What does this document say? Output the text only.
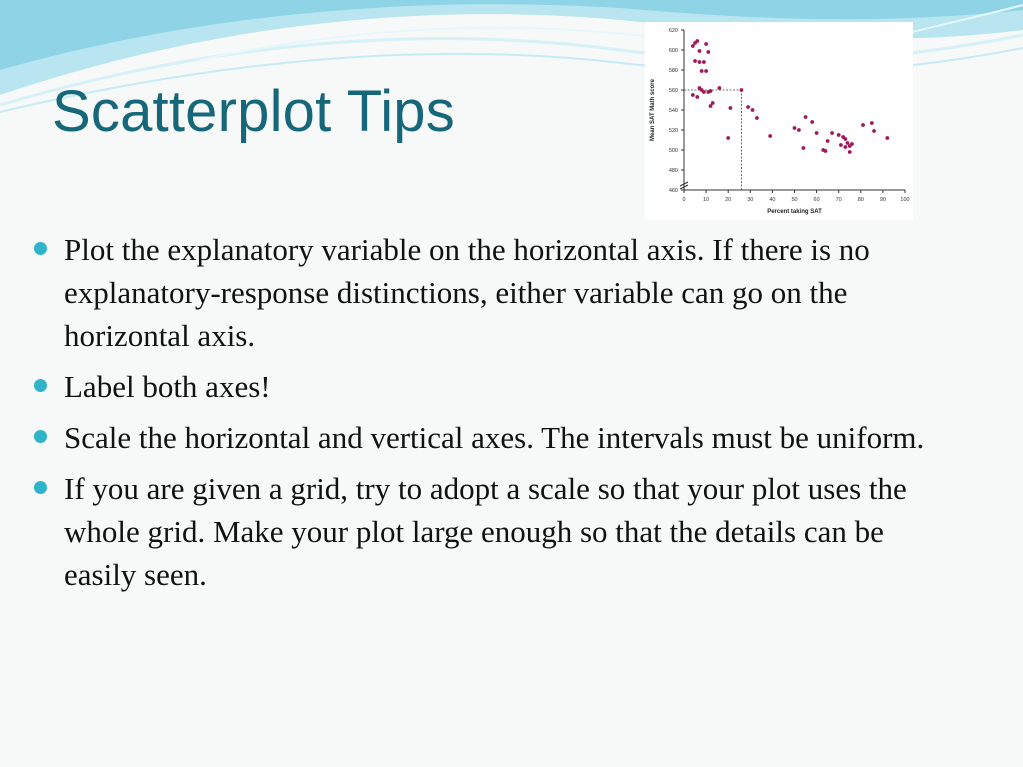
Scatterplot Tips
460
480
500
520
540
560
580
600
620
0	10	20	30	40	50	60	70	80	90	100
Percent taking SAT
Mean SAT Math score
Plot the explanatory variable on the horizontal axis. If there is no explanatory-response distinctions, either variable can go on the horizontal axis.
Label both axes!
Scale the horizontal and vertical axes. The intervals must be uniform.
If you are given a grid, try to adopt a scale so that your plot uses the whole grid. Make your plot large enough so that the details can be easily seen.
